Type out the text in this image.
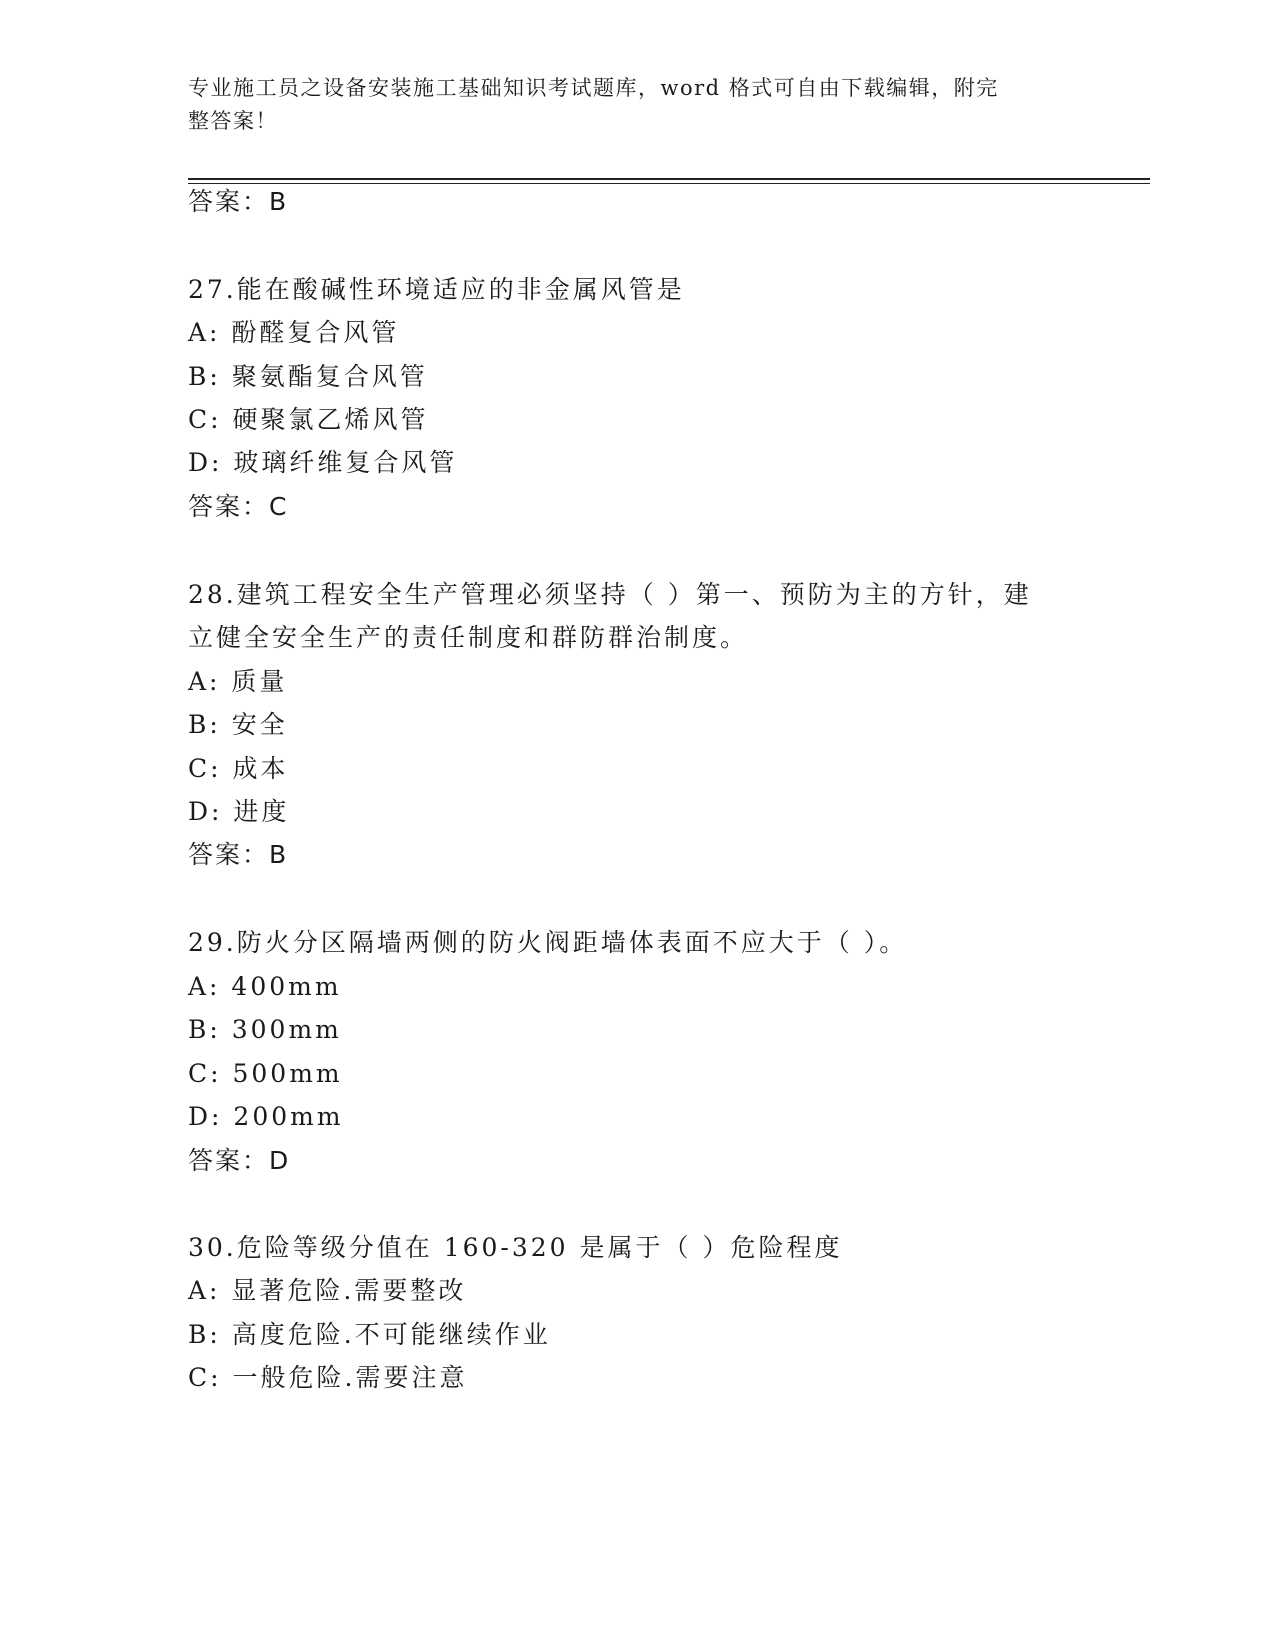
专业施工员之设备安装施工基础知识考试题库，word 格式可自由下载编辑，附完
整答案！
答案：B
27.能在酸碱性环境适应的非金属风管是
A: 酚醛复合风管
B: 聚氨酯复合风管
C: 硬聚氯乙烯风管
D: 玻璃纤维复合风管
答案：C
28.建筑工程安全生产管理必须坚持（ ）第一、预防为主的方针，建
立健全安全生产的责任制度和群防群治制度。
A: 质量
B: 安全
C: 成本
D: 进度
答案：B
29.防火分区隔墙两侧的防火阀距墙体表面不应大于（ ）。
A: 400mm
B: 300mm
C: 500mm
D: 200mm
答案：D
30.危险等级分值在 160-320 是属于（ ）危险程度
A: 显著危险.需要整改
B: 高度危险.不可能继续作业
C: 一般危险.需要注意
